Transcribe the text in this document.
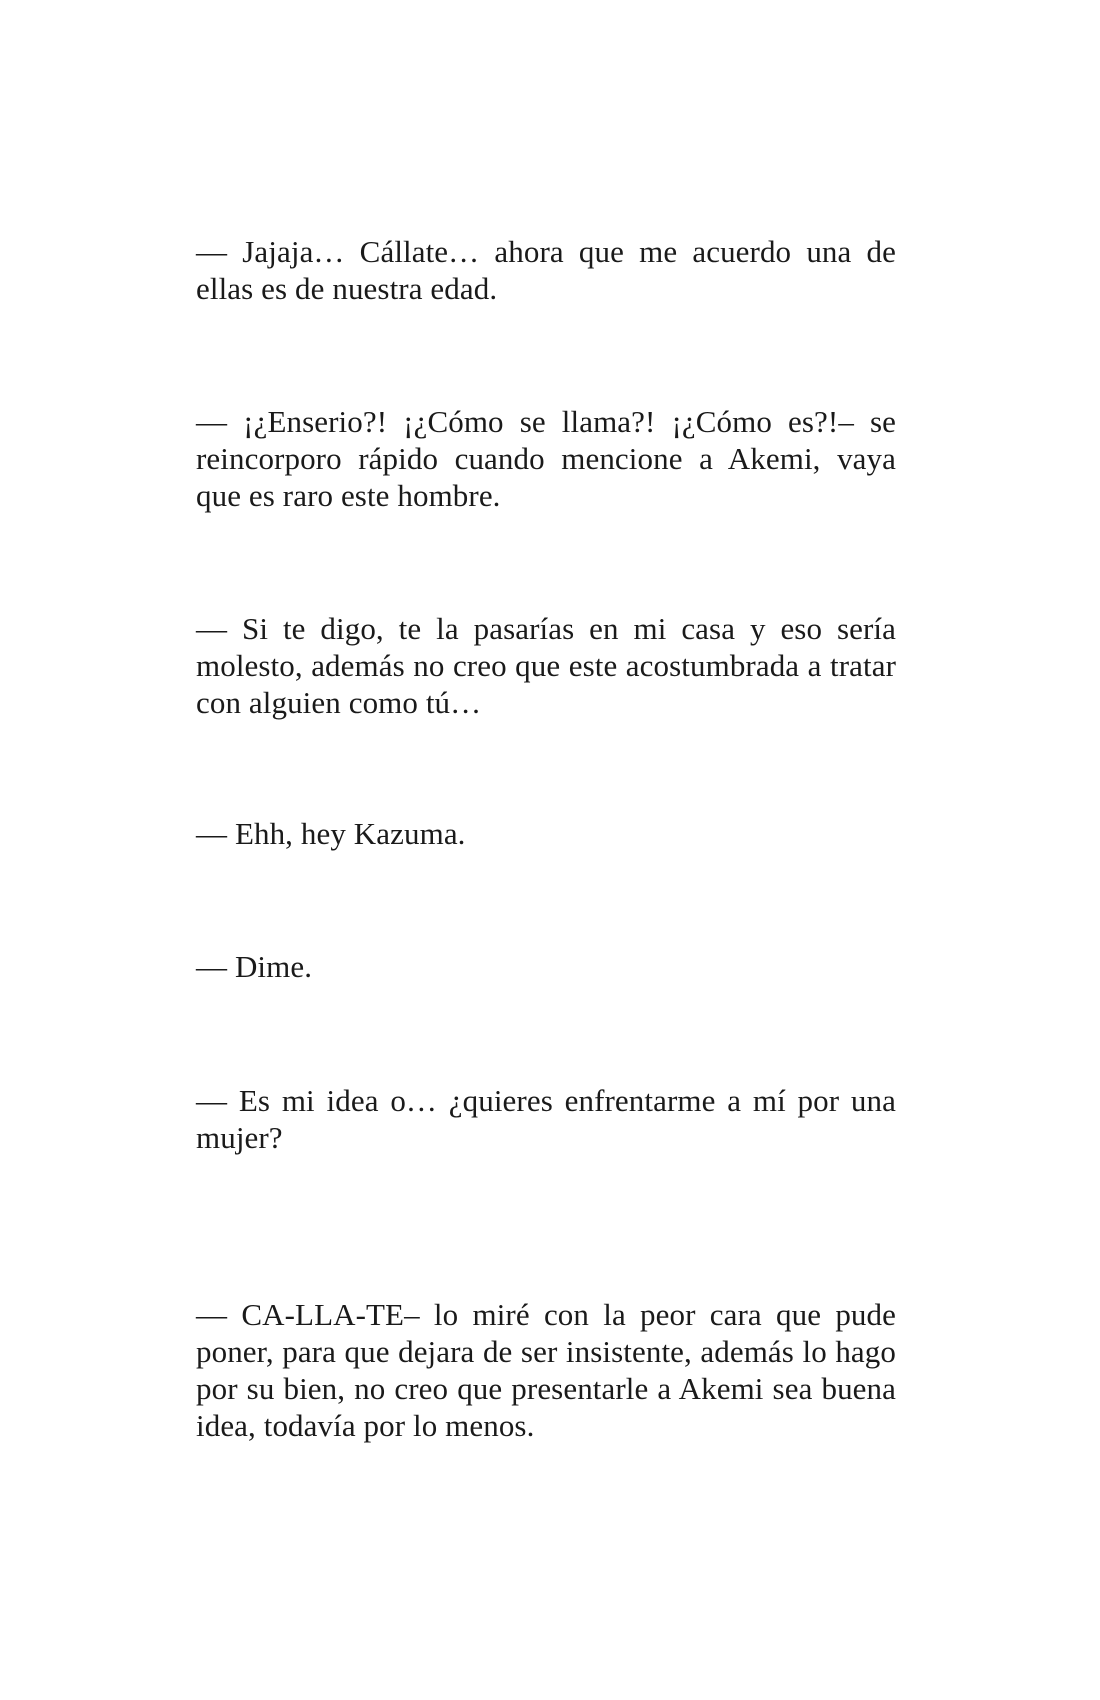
— Jajaja… Cállate… ahora que me acuerdo una de ellas es de nuestra edad.

— ¡¿Enserio?! ¡¿Cómo se llama?! ¡¿Cómo es?!– se reincorporo rápido cuando mencione a Akemi, vaya que es raro este hombre.

— Si te digo, te la pasarías en mi casa y eso sería molesto, además no creo que este acostumbrada a tratar con alguien como tú…

— Ehh, hey Kazuma.

— Dime.

— Es mi idea o… ¿quieres enfrentarme a mí por una mujer?

— CA-LLA-TE– lo miré con la peor cara que pude poner, para que dejara de ser insistente, además lo hago por su bien, no creo que presentarle a Akemi sea buena idea, todavía por lo menos.
